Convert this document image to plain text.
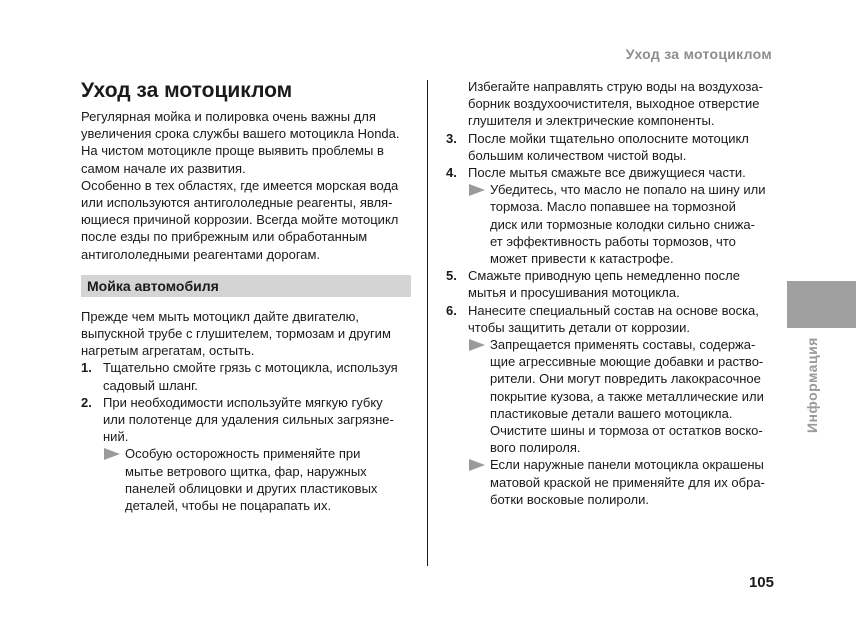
Уход за мотоциклом
Уход за мотоциклом
Регулярная мойка и полировка очень важны для
увеличения срока службы вашего мотоцикла Honda.
На чистом мотоцикле проще выявить проблемы в
самом начале их развития.
Особенно в тех областях, где имеется морская вода
или используются антигололедные реагенты, явля-
ющиеся причиной коррозии. Всегда мойте мотоцикл
после езды по прибрежным или обработанным
антигололедными реагентами дорогам.
Мойка автомобиля
Прежде чем мыть мотоцикл дайте двигателю,
выпускной трубе с глушителем, тормозам и другим
нагретым агрегатам, остыть.
1. Тщательно смойте грязь с мотоцикла, используя
садовый шланг.
2. При необходимости используйте мягкую губку
или полотенце для удаления сильных загрязне-
ний.
Особую осторожность применяйте при
мытье ветрового щитка, фар, наружных
панелей облицовки и других пластиковых
деталей, чтобы не поцарапать их.
Избегайте направлять струю воды на воздухоза-
борник воздухоочистителя, выходное отверстие
глушителя и электрические компоненты.
3. После мойки тщательно ополосните мотоцикл
большим количеством чистой воды.
4. После мытья смажьте все движущиеся части.
Убедитесь, что масло не попало на шину или
тормоза. Масло попавшее на тормозной
диск или тормозные колодки сильно снижа-
ет эффективность работы тормозов, что
может привести к катастрофе.
5. Смажьте приводную цепь немедленно после
мытья и просушивания мотоцикла.
6. Нанесите специальный состав на основе воска,
чтобы защитить детали от коррозии.
Запрещается применять составы, содержа-
щие агрессивные моющие добавки и раство-
рители. Они могут повредить лакокрасочное
покрытие кузова, а также металлические или
пластиковые детали вашего мотоцикла.
Очистите шины и тормоза от остатков воско-
вого полироля.
Если наружные панели мотоцикла окрашены
матовой краской не применяйте для их обра-
ботки восковые полироли.
Информация
105
